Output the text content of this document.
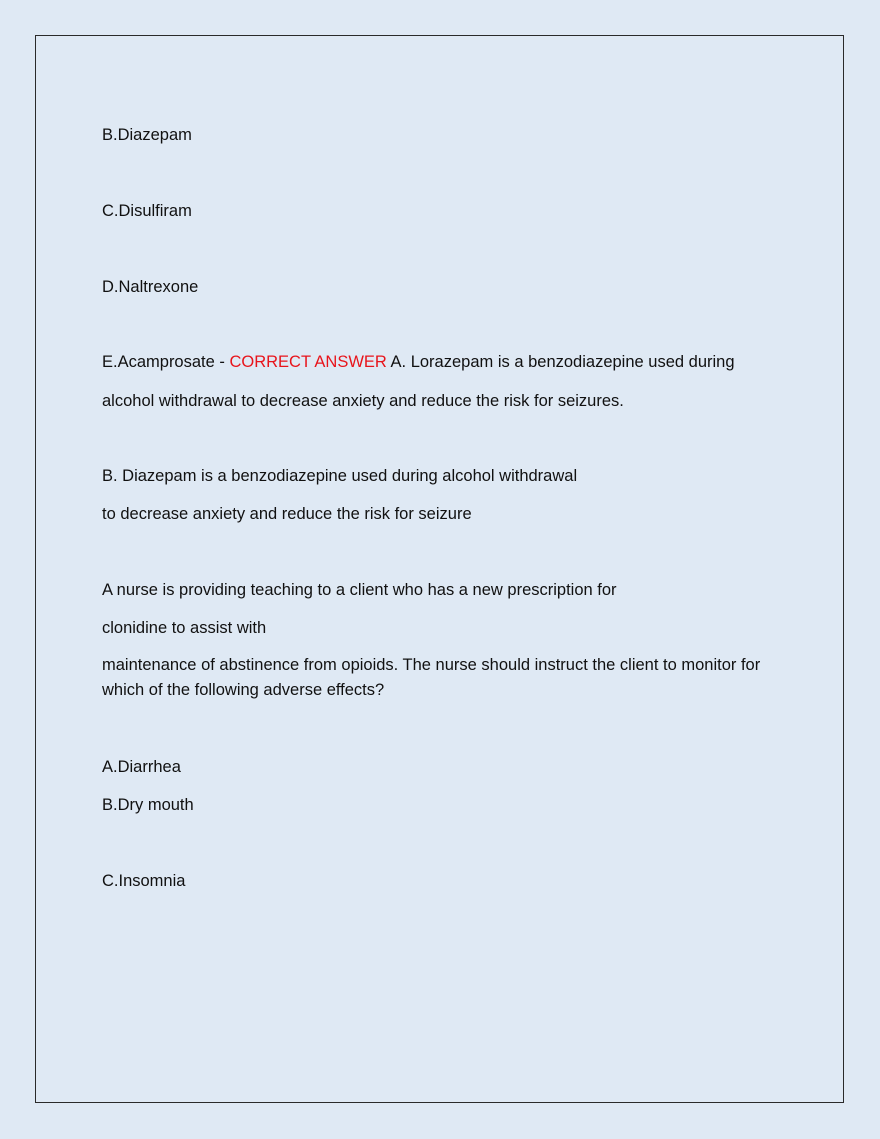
B.Diazepam
C.Disulfiram
D.Naltrexone
E.Acamprosate - CORRECT ANSWER A. Lorazepam is a benzodiazepine used during
alcohol withdrawal to decrease anxiety and reduce the risk for seizures.
B. Diazepam is a benzodiazepine used during alcohol withdrawal
to decrease anxiety and reduce the risk for seizure
A nurse is providing teaching to a client who has a new prescription for
clonidine to assist with
maintenance of abstinence from opioids. The nurse should instruct the client to monitor for which of the following adverse effects?
A.Diarrhea
B.Dry mouth
C.Insomnia
